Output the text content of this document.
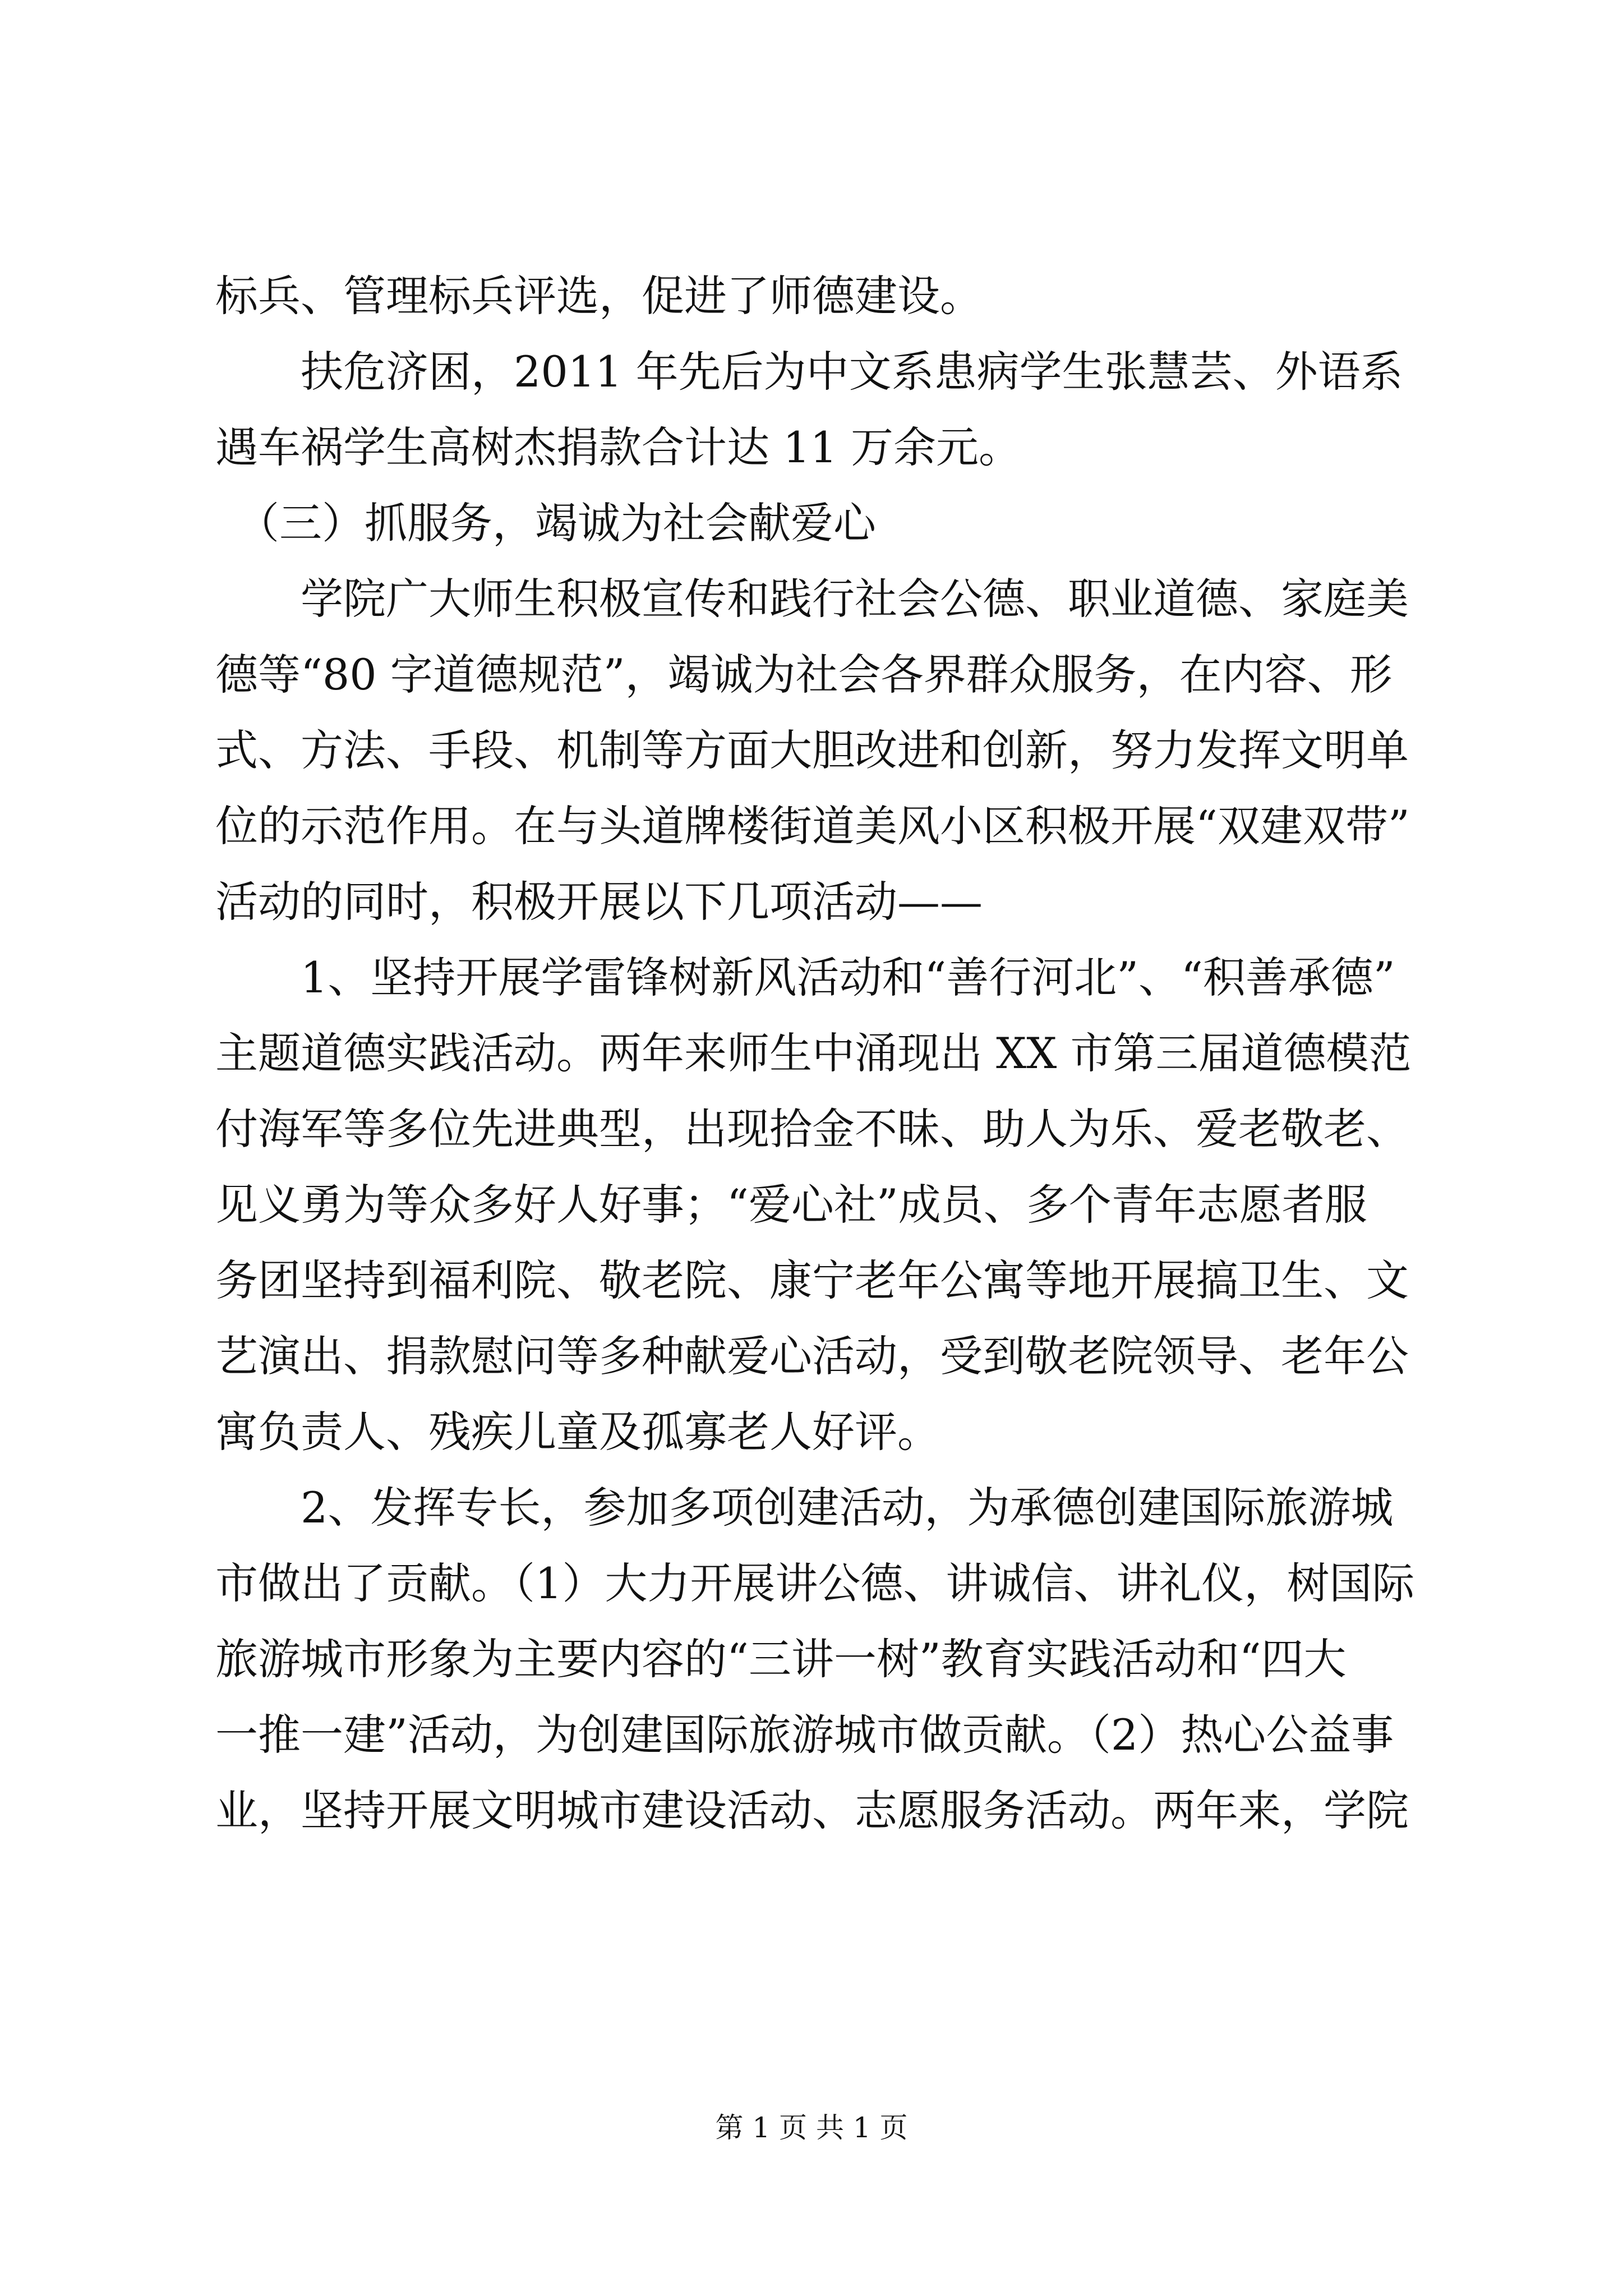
标兵、管理标兵评选，促进了师德建设。
　　扶危济困，2011 年先后为中文系患病学生张慧芸、外语系
遇车祸学生高树杰捐款合计达 11 万余元。
　（三）抓服务，竭诚为社会献爱心
　　学院广大师生积极宣传和践行社会公德、职业道德、家庭美
德等“80 字道德规范”，竭诚为社会各界群众服务，在内容、形
式、方法、手段、机制等方面大胆改进和创新，努力发挥文明单
位的示范作用。在与头道牌楼街道美风小区积极开展“双建双带”
活动的同时，积极开展以下几项活动——
　　1、坚持开展学雷锋树新风活动和“善行河北”、“积善承德”
主题道德实践活动。两年来师生中涌现出 XX 市第三届道德模范
付海军等多位先进典型，出现拾金不昧、助人为乐、爱老敬老、
见义勇为等众多好人好事；“爱心社”成员、多个青年志愿者服
务团坚持到福利院、敬老院、康宁老年公寓等地开展搞卫生、文
艺演出、捐款慰问等多种献爱心活动，受到敬老院领导、老年公
寓负责人、残疾儿童及孤寡老人好评。
　　2、发挥专长，参加多项创建活动，为承德创建国际旅游城
市做出了贡献。（1）大力开展讲公德、讲诚信、讲礼仪，树国际
旅游城市形象为主要内容的“三讲一树”教育实践活动和“四大
一推一建”活动，为创建国际旅游城市做贡献。（2）热心公益事
业，坚持开展文明城市建设活动、志愿服务活动。两年来，学院
第 1 页 共 1 页
